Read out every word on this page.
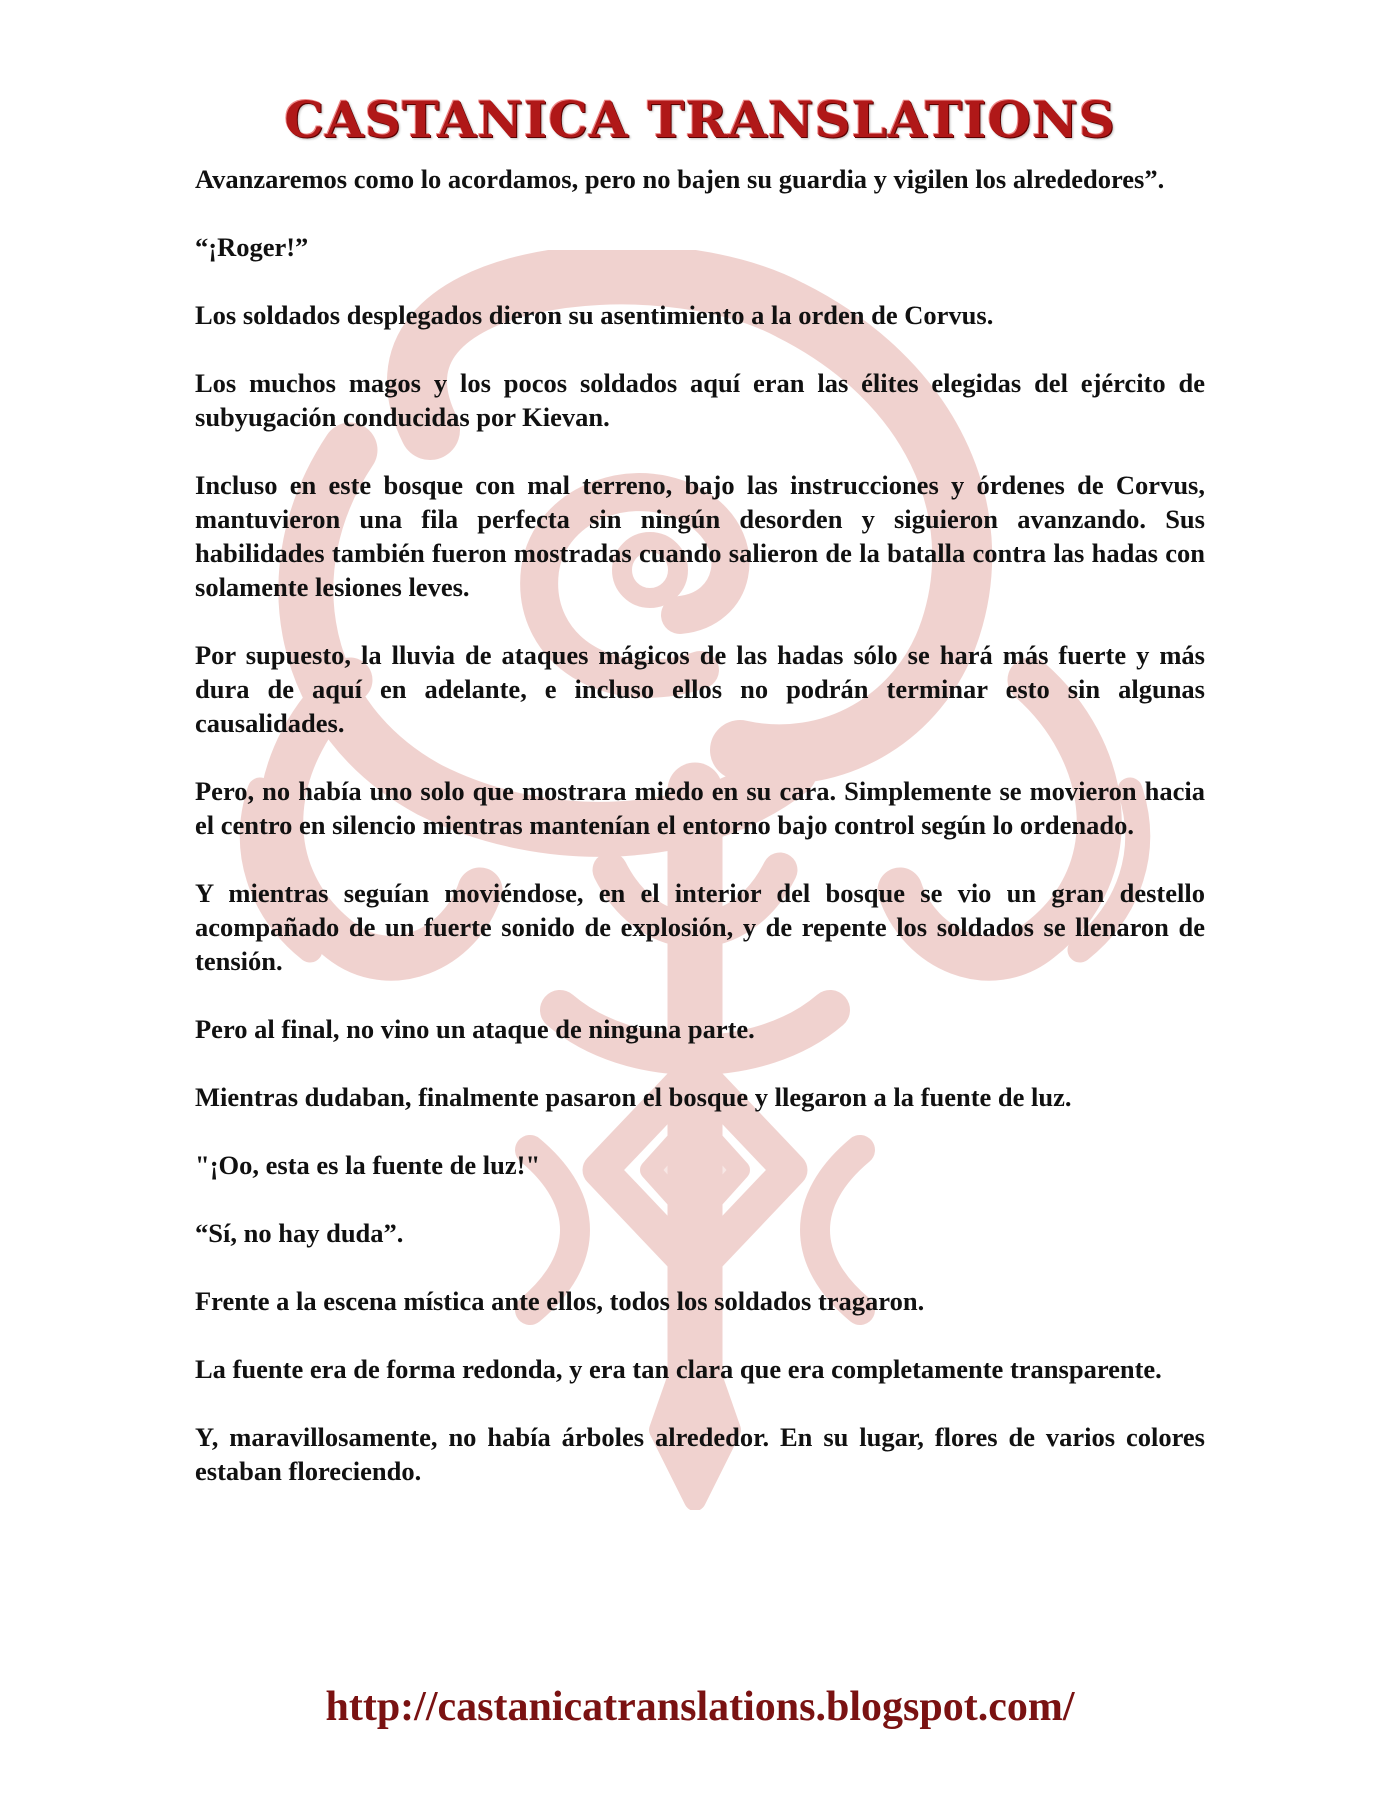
CASTANICA TRANSLATIONS

Avanzaremos como lo acordamos, pero no bajen su guardia y vigilen los alrededores”.

“¡Roger!”

Los soldados desplegados dieron su asentimiento a la orden de Corvus.

Los muchos magos y los pocos soldados aquí eran las élites elegidas del ejército de subyugación conducidas por Kievan.

Incluso en este bosque con mal terreno, bajo las instrucciones y órdenes de Corvus, mantuvieron una fila perfecta sin ningún desorden y siguieron avanzando. Sus habilidades también fueron mostradas cuando salieron de la batalla contra las hadas con solamente lesiones leves.

Por supuesto, la lluvia de ataques mágicos de las hadas sólo se hará más fuerte y más dura de aquí en adelante, e incluso ellos no podrán terminar esto sin algunas causalidades.

Pero, no había uno solo que mostrara miedo en su cara. Simplemente se movieron hacia el centro en silencio mientras mantenían el entorno bajo control según lo ordenado.

Y mientras seguían moviéndose, en el interior del bosque se vio un gran destello acompañado de un fuerte sonido de explosión, y de repente los soldados se llenaron de tensión.

Pero al final, no vino un ataque de ninguna parte.

Mientras dudaban, finalmente pasaron el bosque y llegaron a la fuente de luz.

"¡Oo, esta es la fuente de luz!"

“Sí, no hay duda”.

Frente a la escena mística ante ellos, todos los soldados tragaron.

La fuente era de forma redonda, y era tan clara que era completamente transparente.

Y, maravillosamente, no había árboles alrededor. En su lugar, flores de varios colores estaban floreciendo.

http://castanicatranslations.blogspot.com/
